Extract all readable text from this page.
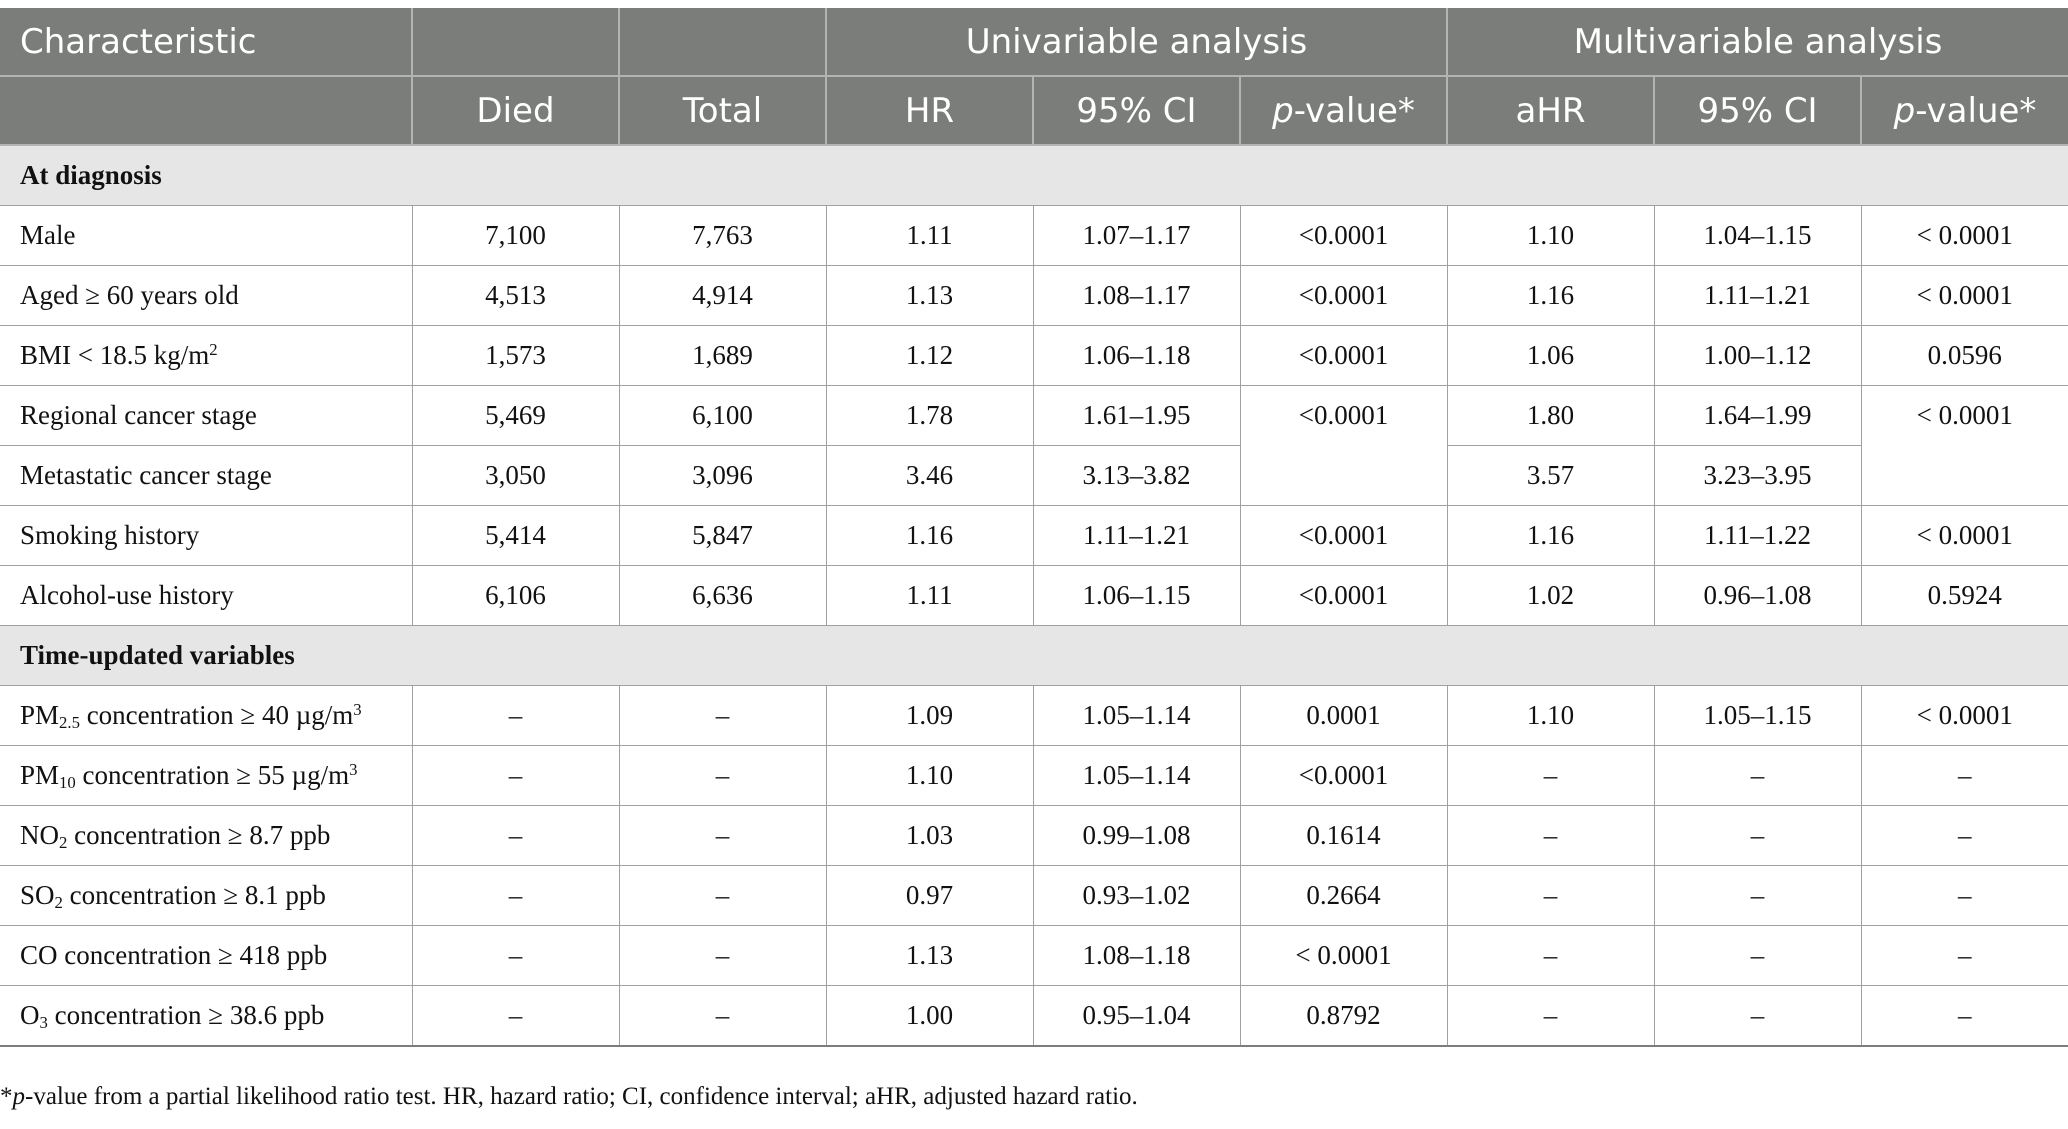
Characteristic			Univariable analysis			Multivariable analysis		
	Died	Total	HR	95% CI	p-value*	aHR	95% CI	p-value*
At diagnosis								
Male	7,100	7,763	1.11	1.07–1.17	<0.0001	1.10	1.04–1.15	< 0.0001
Aged ≥ 60 years old	4,513	4,914	1.13	1.08–1.17	<0.0001	1.16	1.11–1.21	< 0.0001
BMI < 18.5 $kg/m^2$	1,573	1,689	1.12	1.06–1.18	<0.0001	1.06	1.00–1.12	0.0596
Regional cancer stage	5,469	6,100	1.78	1.61–1.95	<0.0001	1.80	1.64–1.99	< 0.0001
Metastatic cancer stage	3,050	3,096	3.46	3.13–3.82		3.57	3.23–3.95	
Smoking history	5,414	5,847	1.16	1.11–1.21	<0.0001	1.16	1.11–1.22	< 0.0001
Alcohol-use history	6,106	6,636	1.11	1.06–1.15	<0.0001	1.02	0.96–1.08	0.5924
Time-updated variables								
$PM_{2.5}$ concentration ≥ 40 $\mu g/m^3$	–	–	1.09	1.05–1.14	0.0001	1.10	1.05–1.15	< 0.0001
$PM_{10}$ concentration ≥ 55 $\mu g/m^3$	–	–	1.10	1.05–1.14	<0.0001	–	–	–
$NO_2$ concentration ≥ 8.7 ppb	–	–	1.03	0.99–1.08	0.1614	–	–	–
$SO_2$ concentration ≥ 8.1 ppb	–	–	0.97	0.93–1.02	0.2664	–	–	–
CO concentration ≥ 418 ppb	–	–	1.13	1.08–1.18	< 0.0001	–	–	–
$O_3$ concentration ≥ 38.6 ppb	–	–	1.00	0.95–1.04	0.8792	–	–	–
*p-value from a partial likelihood ratio test. HR, hazard ratio; CI, confidence interval; aHR, adjusted hazard ratio.
